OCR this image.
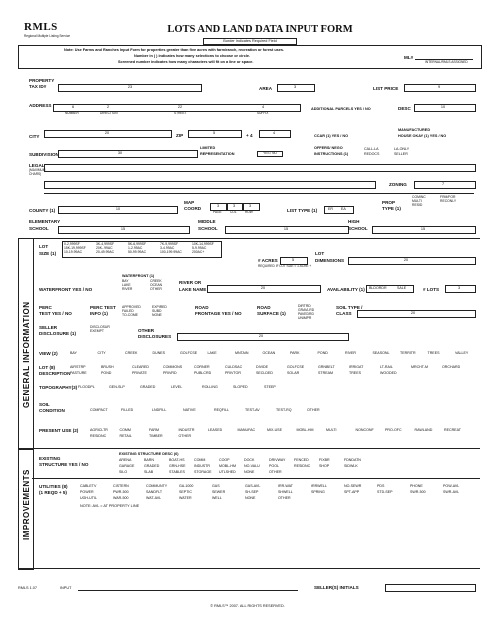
RMLS
Regional Multiple Listing Service
LOTS AND LAND DATA INPUT FORM
Border Indicates Required Field
Note: Use Farms and Ranches Input Form for properties greater than five acres with farm/ranch, recreation or forest uses.
Number in ( ) indicates how many selections to choose or circle.
Screened number indicates how many characters will fit on a line or space.
ML#
INTERNAL/RMLS ASSIGNED
PROPERTY
TAX ID#	23	AREA	3	LIST PRICE	9
ADDRESS	6	2	22	4
NUMBER	DIRECTION	STREET	SUFFIX
ADDITIONAL PARCELS YES / NO	DESC	10
CITY
20	ZIP	5	+ 4	4
CCAR (1) YES / NO
MANUFACTURED
HOUSE OKAY (1) YES / NO
SUBDIVISION	30
LIMITED
REPRESENTATION	YES / NO
OFFERS/ NEGO
INSTRUCTIONS (1)
CALL-LA
REDOCS
LA-ONLY
SELLER
LEGAL
(MAXIMUM
CHARS)
ZONING	7
COUNTY (1)	10
MAP
COORD	3	3	3
PAGE	COL	ROW	LIST TYPE (1)	ER EA
PROP
TYPE (1)
COMINC
MULTI
RESID
FRM/FOR
RECONLY
ELEMENTARY
SCHOOL	15
MIDDLE
SCHOOL	15
HIGH
SCHOOL	15
GENERAL INFORMATION
LOT
SIZE (1)
0-2,999SF
15K-19,999SF
10-19.99AC
3K-4,999SF
20K-.99AC
20-49.99AC
5K-6,999SF
1-2.99AC
50-99.99AC
7K-9,999SF
3-4.99AC
100-199.99AC
10K-14,999SF
5-9.99AC
200AC+
# ACRES	5
REQUIRED IF LOT SIZE = 1 ACRE +
LOT
DIMENSIONS	20
WATERFRONT YES / NO
WATERFRONT (1)
BAY
LAKE
RIVER
CREEK
OCEAN
OTHER
RIVER OR
LAKE NAME	20	AVAILABILITY (1) BLDORDR	SALE	# LOTS	3
PERC
TEST YES / NO
PERC TEST
INFO (1)
APPROVED
FAILED
TO-COME
EXPIRED
SUBD
NONE
ROAD
FRONTAGE YES / NO
ROAD
SURFACE (1)
DIRTRD
GRAVLRD
PAVEDRD
UNIMPR
SOIL TYPE /
CLASS	20
SELLER
DISCLOSURE (1)
DISCLOSUR
EXEMPT	OTHER
DISCLOSURES	20
VIEW (2)	BAY	CITY	CREEK	DUNES	GOLFCSE	LAKE	MNTAIN	OCEAN	PARK	POND	RIVER	SEASONL	TERRITR	TREES	VALLEY
LOT (8)
DESCRIPTION
AIRSTRP	BRUSH	CLEARED	COMMONS	CORNER	CULDSAC	DIVIDE	GOLFCSE	GRNBELT	IRRIGAT	LT-RAIL	MRCHT-M	ORCHARD
PASTURE	POND	PRIVATE	PRIVRD	PUBLCRD	PRIVTOR	SECLDED	SOLAR	STREAM	TREES	WOODED
TOPOGRAPHY(3) FLOODPL	GEN-SLP	GRADED	LEVEL	ROLLING	SLOPED	STEEP
SOIL
CONDITION	COMPACT	FILLED	LNDFILL	NATIVE	REQFILL	TEST-AV	TEST-RQ	OTHER
PRESENT USE (2)	AGRICLTR	COMM	FARM	INDUSTR	LEASED	MANUFAC	MIX-USE	MOBL-HM	MULTI	NONCONF	PRO-OFC	RAWLAND	RECREAT
RESIDNC	RETAIL	TIMBER	OTHER
IMPROVEMENTS
EXISTING
STRUCTURE YES / NO
EXISTING STRUCTURE DESC (6)
ARENA	BARN	BOAT-HS	COMM	COOP	DOCK	DRIVWAY FENCED	FIXBR	FDNDATN
GARAGE	GRADED	GRN-HSE INDUSTR	MOBL-HM NO-VALU	POOL	RESIDNC SHOP	SIDWLK
SILO	SLAB	STABLES	STORAGE UTLSHED NONE	OTHER
UTILITIES (8)
(1 REQD + 5)
CABLETV	CISTERN	COMMUNTY	GA-1000	GAS	GAS-AVL	IRR-WAT	IRRWELL	NO-SEWR	PDS	PHONE	POW-AVL
POWER	PWR-500	SANDFLT	SEPTIC	SEWER	SH-SEP	SHWELL	SPRING	SPT-APP	STD-SEP	SWR-500	SWR-AVL
UGH-UTIL	WAR-500	WAT-AVL	WATER	WELL	NONE	OTHER
NOTE: AVL = AT PROPERTY LINE
RMLS 1.07	INPUT	SELLER(S) INITIALS
© RMLS™ 2007. ALL RIGHTS RESERVED.
